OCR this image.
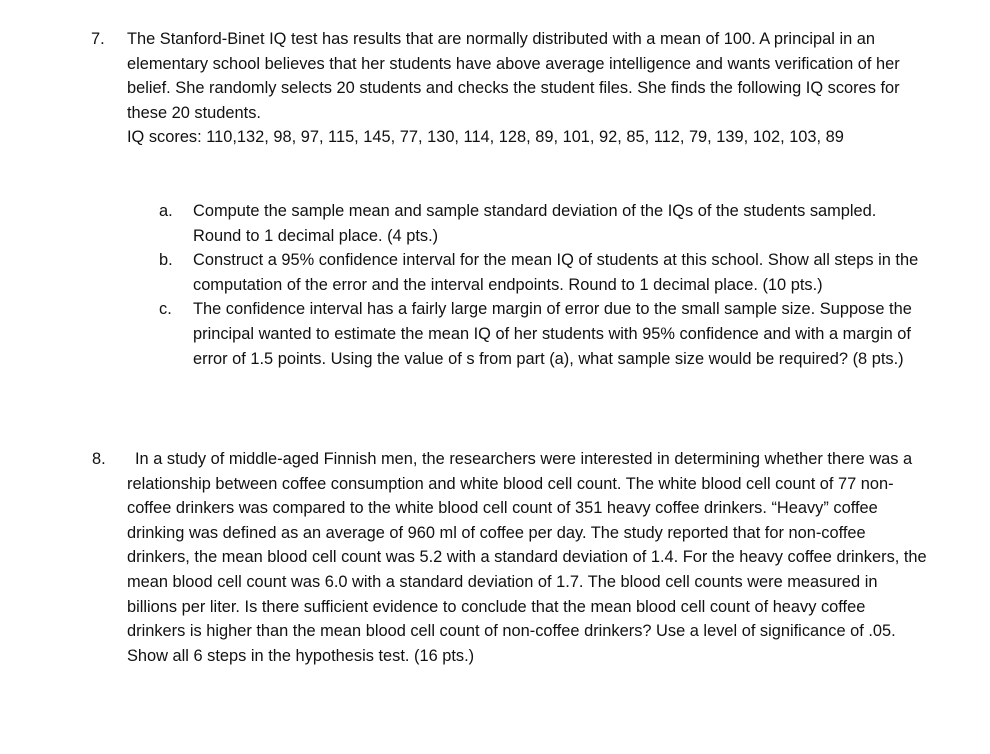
7. The Stanford-Binet IQ test has results that are normally distributed with a mean of 100. A principal in an elementary school believes that her students have above average intelligence and wants verification of her belief. She randomly selects 20 students and checks the student files. She finds the following IQ scores for these 20 students.

IQ scores: 110,132, 98, 97, 115, 145, 77, 130, 114, 128, 89, 101, 92, 85, 112, 79, 139, 102, 103, 89

a. Compute the sample mean and sample standard deviation of the IQs of the students sampled. Round to 1 decimal place. (4 pts.)

b. Construct a 95% confidence interval for the mean IQ of students at this school. Show all steps in the computation of the error and the interval endpoints. Round to 1 decimal place. (10 pts.)

c. The confidence interval has a fairly large margin of error due to the small sample size. Suppose the principal wanted to estimate the mean IQ of her students with 95% confidence and with a margin of error of 1.5 points. Using the value of s from part (a), what sample size would be required? (8 pts.)

8.	In a study of middle-aged Finnish men, the researchers were interested in determining whether there was a relationship between coffee consumption and white blood cell count. The white blood cell count of 77 non-coffee drinkers was compared to the white blood cell count of 351 heavy coffee drinkers. “Heavy” coffee drinking was defined as an average of 960 ml of coffee per day. The study reported that for non-coffee drinkers, the mean blood cell count was 5.2 with a standard deviation of 1.4. For the heavy coffee drinkers, the mean blood cell count was 6.0 with a standard deviation of 1.7. The blood cell counts were measured in billions per liter. Is there sufficient evidence to conclude that the mean blood cell count of heavy coffee drinkers is higher than the mean blood cell count of non-coffee drinkers? Use a level of significance of .05. Show all 6 steps in the hypothesis test. (16 pts.)
